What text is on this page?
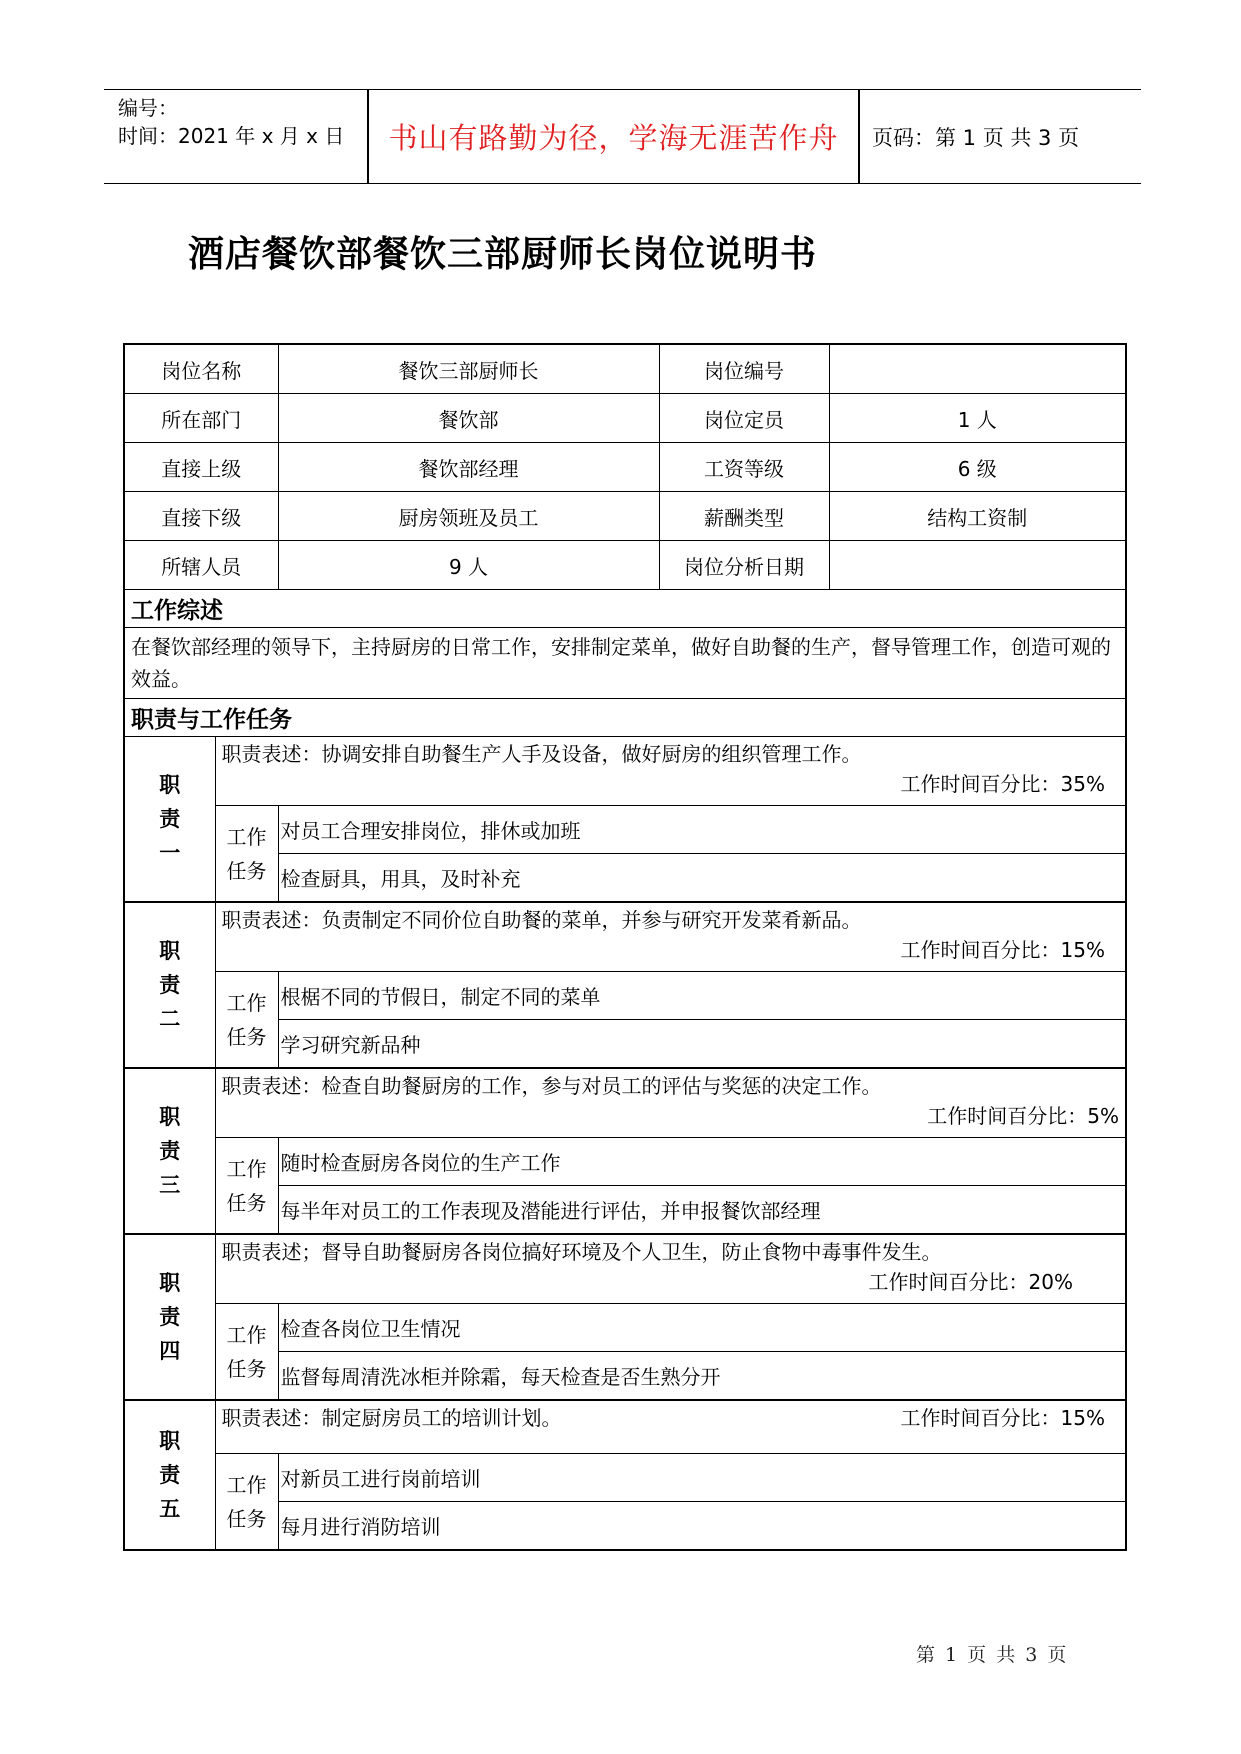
编号：
时间：2021 年 x 月 x 日	书山有路勤为径，学海无涯苦作舟	页码：第 1 页 共 3 页
酒店餐饮部餐饮三部厨师长岗位说明书
岗位名称		餐饮三部厨师长	岗位编号	
所在部门		餐饮部	岗位定员	1 人
直接上级		餐饮部经理	工资等级	6 级
直接下级		厨房领班及员工	薪酬类型	结构工资制
所辖人员		9 人	岗位分析日期	
工作综述				
在餐饮部经理的领导下，主持厨房的日常工作，安排制定菜单，做好自助餐的生产，督导管理工作，创造可观的效益。				
职责与工作任务				
职责一	职责表述：协调安排自助餐生产人手及设备，做好厨房的组织管理工作。
工作时间百分比：35%			

	工作任务	对员工合理安排岗位，排休或加班		
		检查厨具，用具，及时补充		
职责二	职责表述：负责制定不同价位自助餐的菜单，并参与研究开发菜肴新品。
工作时间百分比：15%			

	工作任务	根椐不同的节假日，制定不同的菜单		
		学习研究新品种		
职责三	职责表述：检查自助餐厨房的工作，参与对员工的评估与奖惩的决定工作。
工作时间百分比：5%			

	工作任务	随时检查厨房各岗位的生产工作		
		每半年对员工的工作表现及潜能进行评估，并申报餐饮部经理		
职责四	职责表述；督导自助餐厨房各岗位搞好环境及个人卫生，防止食物中毒事件发生。
工作时间百分比：20%			

	工作任务	检查各岗位卫生情况		
		监督每周清洗冰柜并除霜，每天检查是否生熟分开		
职责五	职责表述：制定厨房员工的培训计划。 工作时间百分比：15%			

	工作任务	对新员工进行岗前培训		
		每月进行消防培训		
第 1 页 共 3 页
